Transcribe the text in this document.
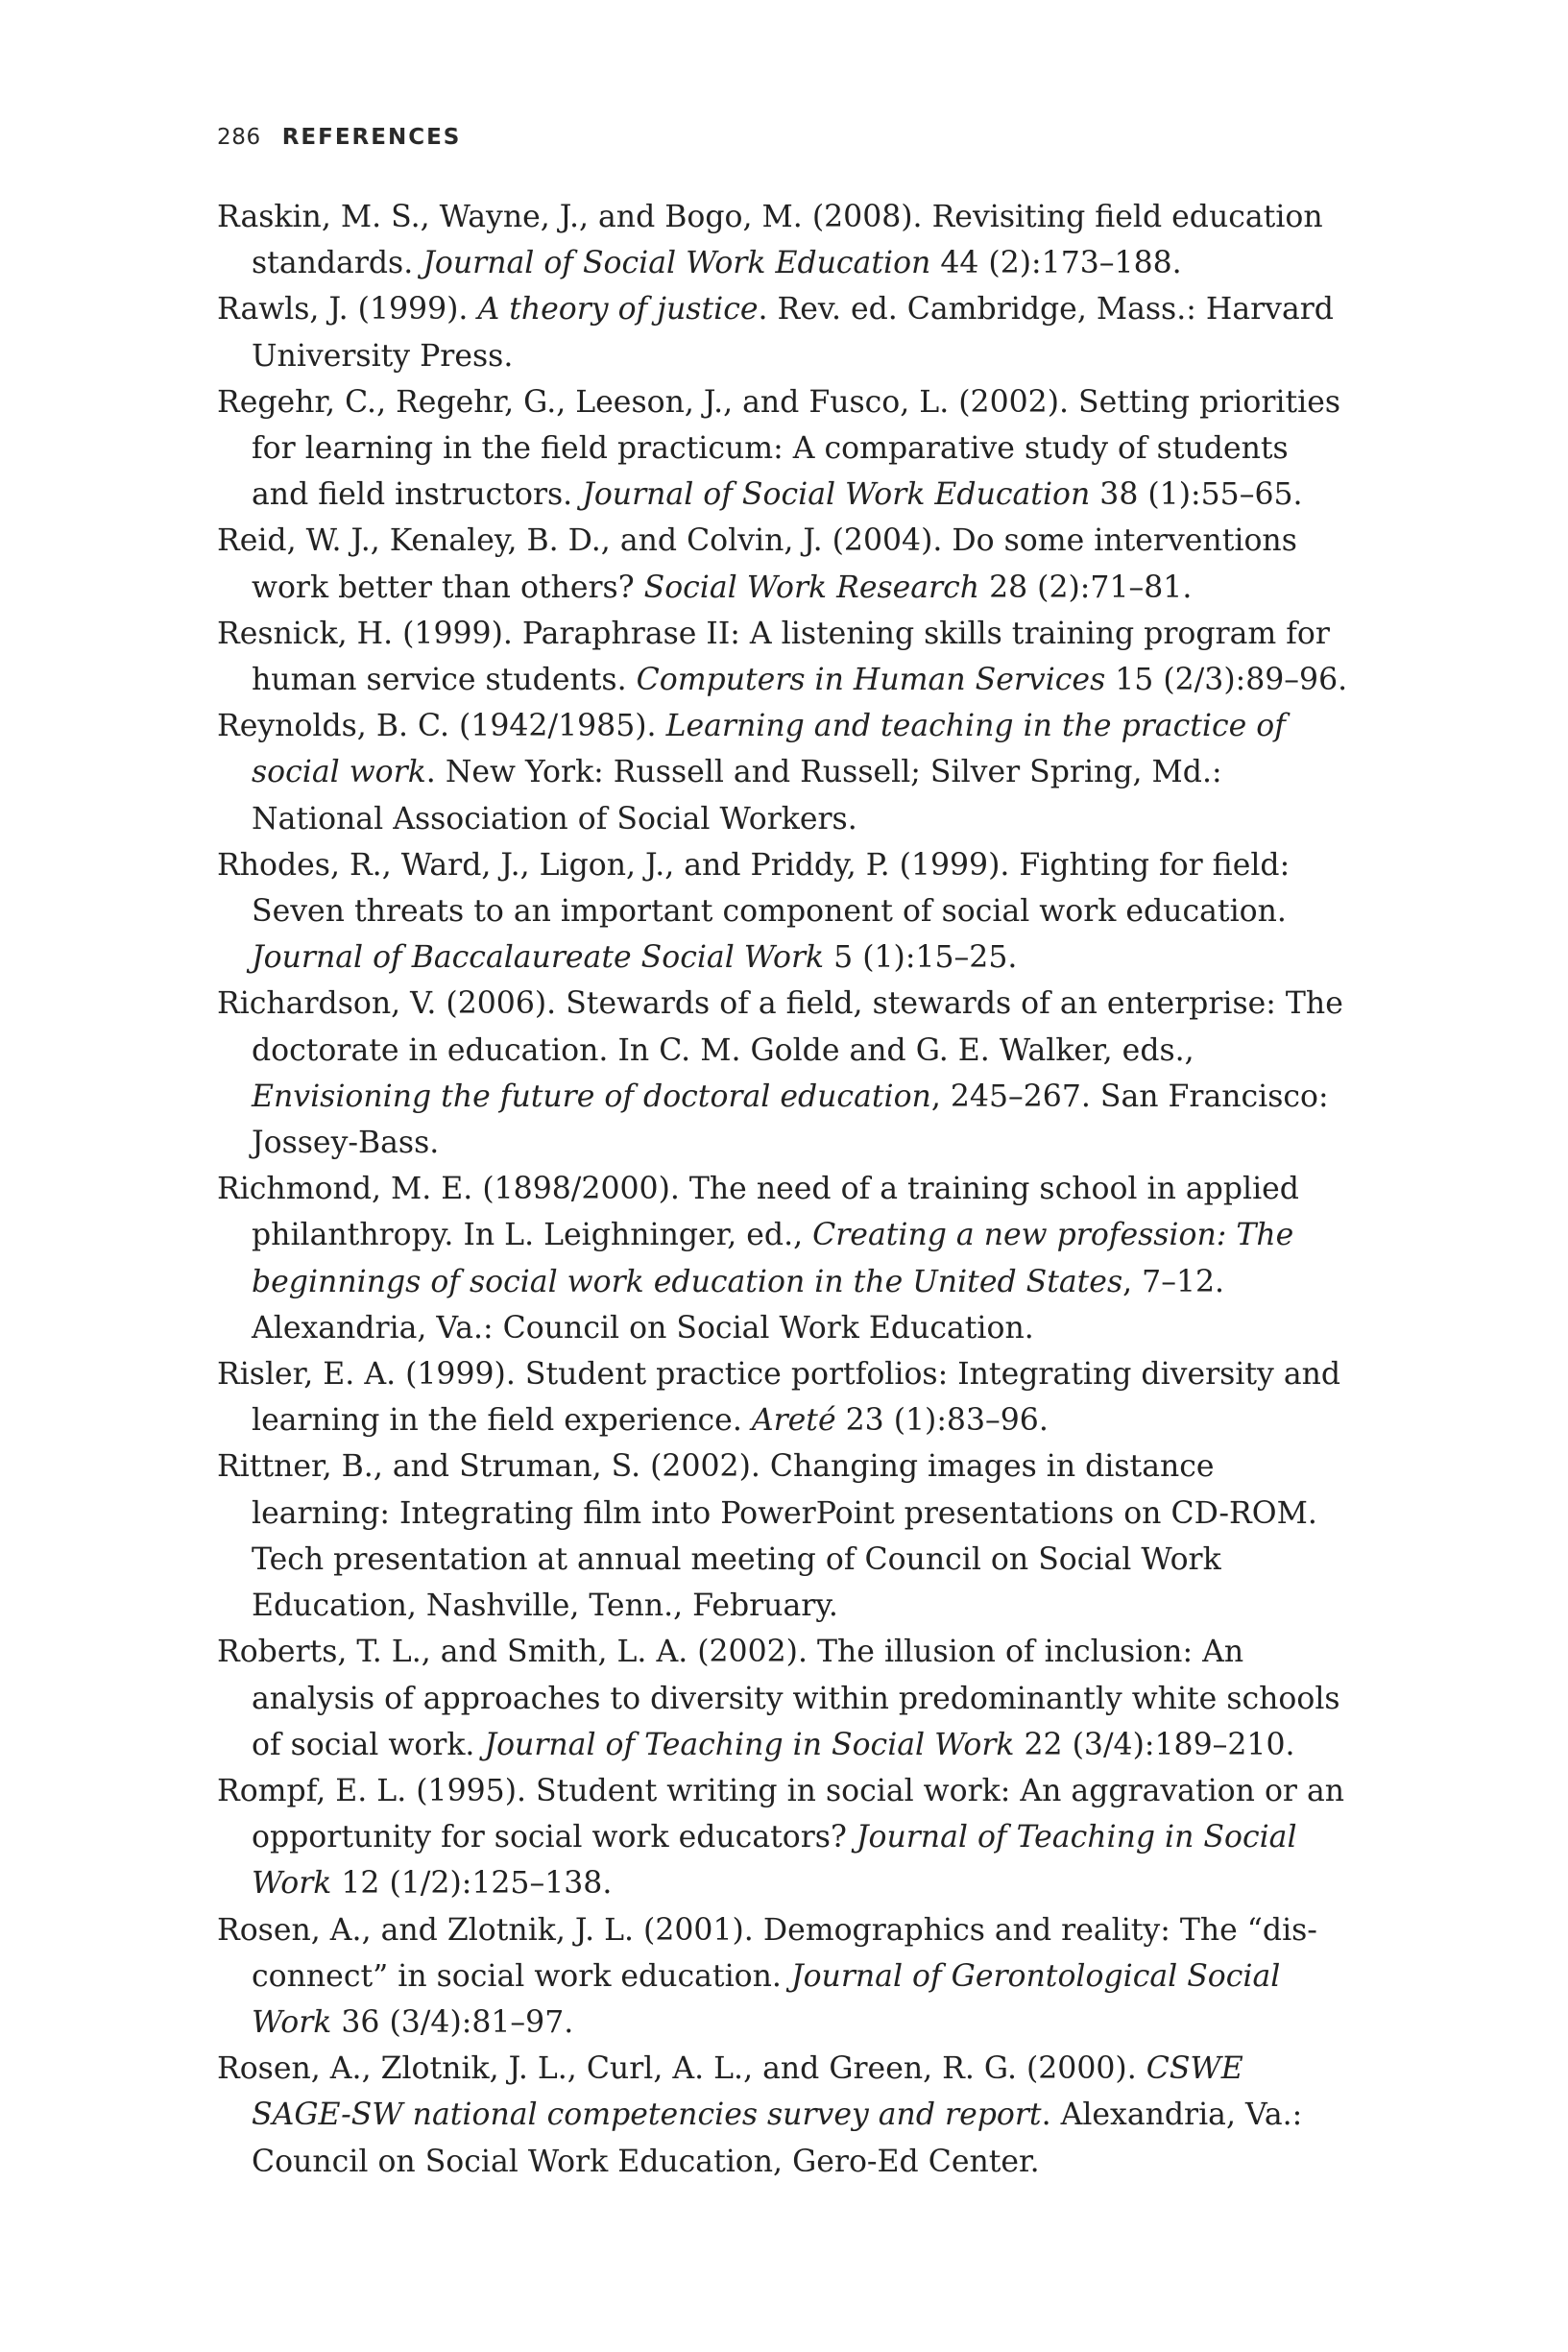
286 REFERENCES
Raskin, M. S., Wayne, J., and Bogo, M. (2008). Revisiting field education standards. Journal of Social Work Education 44 (2):173–188.
Rawls, J. (1999). A theory of justice. Rev. ed. Cambridge, Mass.: Harvard University Press.
Regehr, C., Regehr, G., Leeson, J., and Fusco, L. (2002). Setting priorities for learning in the field practicum: A comparative study of students and field instructors. Journal of Social Work Education 38 (1):55–65.
Reid, W. J., Kenaley, B. D., and Colvin, J. (2004). Do some interventions work better than others? Social Work Research 28 (2):71–81.
Resnick, H. (1999). Paraphrase II: A listening skills training program for human service students. Computers in Human Services 15 (2/3):89–96.
Reynolds, B. C. (1942/1985). Learning and teaching in the practice of social work. New York: Russell and Russell; Silver Spring, Md.: National Association of Social Workers.
Rhodes, R., Ward, J., Ligon, J., and Priddy, P. (1999). Fighting for field: Seven threats to an important component of social work education. Journal of Baccalaureate Social Work 5 (1):15–25.
Richardson, V. (2006). Stewards of a field, stewards of an enterprise: The doctorate in education. In C. M. Golde and G. E. Walker, eds., Envisioning the future of doctoral education, 245–267. San Francisco: Jossey-Bass.
Richmond, M. E. (1898/2000). The need of a training school in applied philanthropy. In L. Leighninger, ed., Creating a new profession: The beginnings of social work education in the United States, 7–12. Alexandria, Va.: Council on Social Work Education.
Risler, E. A. (1999). Student practice portfolios: Integrating diversity and learning in the field experience. Areté 23 (1):83–96.
Rittner, B., and Struman, S. (2002). Changing images in distance learning: Integrating film into PowerPoint presentations on CD-ROM. Tech presentation at annual meeting of Council on Social Work Education, Nashville, Tenn., February.
Roberts, T. L., and Smith, L. A. (2002). The illusion of inclusion: An analysis of approaches to diversity within predominantly white schools of social work. Journal of Teaching in Social Work 22 (3/4):189–210.
Rompf, E. L. (1995). Student writing in social work: An aggravation or an opportunity for social work educators? Journal of Teaching in Social Work 12 (1/2):125–138.
Rosen, A., and Zlotnik, J. L. (2001). Demographics and reality: The “dis-connect” in social work education. Journal of Gerontological Social Work 36 (3/4):81–97.
Rosen, A., Zlotnik, J. L., Curl, A. L., and Green, R. G. (2000). CSWE SAGE-SW national competencies survey and report. Alexandria, Va.: Council on Social Work Education, Gero-Ed Center.
